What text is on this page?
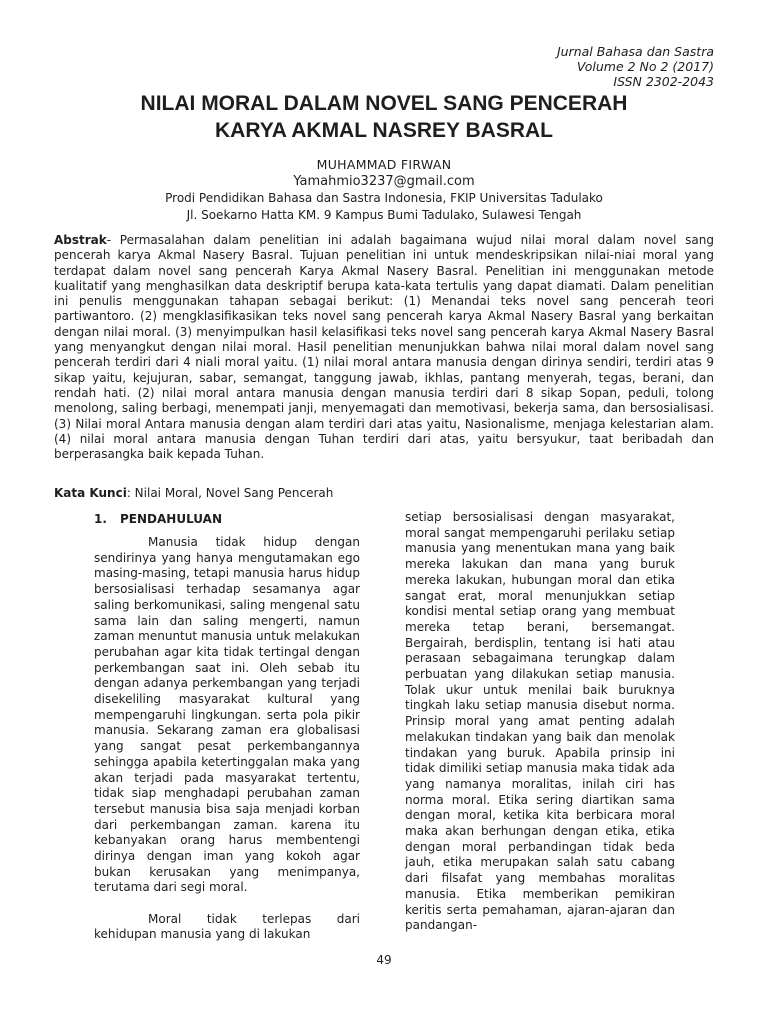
Jurnal Bahasa dan Sastra
Volume 2 No 2 (2017)
ISSN 2302-2043
NILAI MORAL DALAM NOVEL SANG PENCERAH
KARYA AKMAL NASREY BASRAL
MUHAMMAD FIRWAN
Yamahmio3237@gmail.com
Prodi Pendidikan Bahasa dan Sastra Indonesia, FKIP Universitas Tadulako
Jl. Soekarno Hatta KM. 9 Kampus Bumi Tadulako, Sulawesi Tengah

Abstrak- Permasalahan dalam penelitian ini adalah bagaimana wujud nilai moral dalam novel sang pencerah karya Akmal Nasery Basral. Tujuan penelitian ini untuk mendeskripsikan nilai-niai moral yang terdapat dalam novel sang pencerah Karya Akmal Nasery Basral. Penelitian ini menggunakan metode kualitatif yang menghasilkan data deskriptif berupa kata-kata tertulis yang dapat diamati. Dalam penelitian ini penulis menggunakan tahapan sebagai berikut: (1) Menandai teks novel sang pencerah teori partiwantoro. (2) mengklasifikasikan teks novel sang pencerah karya Akmal Nasery Basral yang berkaitan dengan nilai moral. (3) menyimpulkan hasil kelasifikasi teks novel sang pencerah karya Akmal Nasery Basral yang menyangkut dengan nilai moral. Hasil penelitian menunjukkan bahwa nilai moral dalam novel sang pencerah terdiri dari 4 niali moral yaitu. (1) nilai moral antara manusia dengan dirinya sendiri, terdiri atas 9 sikap yaitu, kejujuran, sabar, semangat, tanggung jawab, ikhlas, pantang menyerah, tegas, berani, dan rendah hati. (2) nilai moral antara manusia dengan manusia terdiri dari 8 sikap Sopan, peduli, tolong menolong, saling berbagi, menempati janji, menyemagati dan memotivasi, bekerja sama, dan bersosialisasi. (3) Nilai moral Antara manusia dengan alam terdiri dari atas yaitu, Nasionalisme, menjaga kelestarian alam. (4) nilai moral antara manusia dengan Tuhan terdiri dari atas, yaitu bersyukur, taat beribadah dan berperasangka baik kepada Tuhan.

Kata Kunci: Nilai Moral, Novel Sang Pencerah
1. PENDAHULUAN

Manusia tidak hidup dengan sendirinya yang hanya mengutamakan ego masing-masing, tetapi manusia harus hidup bersosialisasi terhadap sesamanya agar saling berkomunikasi, saling mengenal satu sama lain dan saling mengerti, namun zaman menuntut manusia untuk melakukan perubahan agar kita tidak tertingal dengan perkembangan saat ini. Oleh sebab itu dengan adanya perkembangan yang terjadi disekeliling masyarakat kultural yang mempengaruhi lingkungan. serta pola pikir manusia. Sekarang zaman era globalisasi yang sangat pesat perkembangannya sehingga apabila ketertinggalan maka yang akan terjadi pada masyarakat tertentu, tidak siap menghadapi perubahan zaman tersebut manusia bisa saja menjadi korban dari perkembangan zaman. karena itu kebanyakan orang harus membentengi dirinya dengan iman yang kokoh agar bukan kerusakan yang menimpanya, terutama dari segi moral.

Moral tidak terlepas dari kehidupan manusia yang di lakukan

setiap bersosialisasi dengan masyarakat, moral sangat mempengaruhi perilaku setiap manusia yang menentukan mana yang baik mereka lakukan dan mana yang buruk mereka lakukan, hubungan moral dan etika sangat erat, moral menunjukkan setiap kondisi mental setiap orang yang membuat mereka tetap berani, bersemangat. Bergairah, berdisplin, tentang isi hati atau perasaan sebagaimana terungkap dalam perbuatan yang dilakukan setiap manusia. Tolak ukur untuk menilai baik buruknya tingkah laku setiap manusia disebut norma. Prinsip moral yang amat penting adalah melakukan tindakan yang baik dan menolak tindakan yang buruk. Apabila prinsip ini tidak dimiliki setiap manusia maka tidak ada yang namanya moralitas, inilah ciri has norma moral. Etika sering diartikan sama dengan moral, ketika kita berbicara moral maka akan berhungan dengan etika, etika dengan moral perbandingan tidak beda jauh, etika merupakan salah satu cabang dari filsafat yang membahas moralitas manusia. Etika memberikan pemikiran keritis serta pemahaman, ajaran-ajaran dan pandangan-

49
